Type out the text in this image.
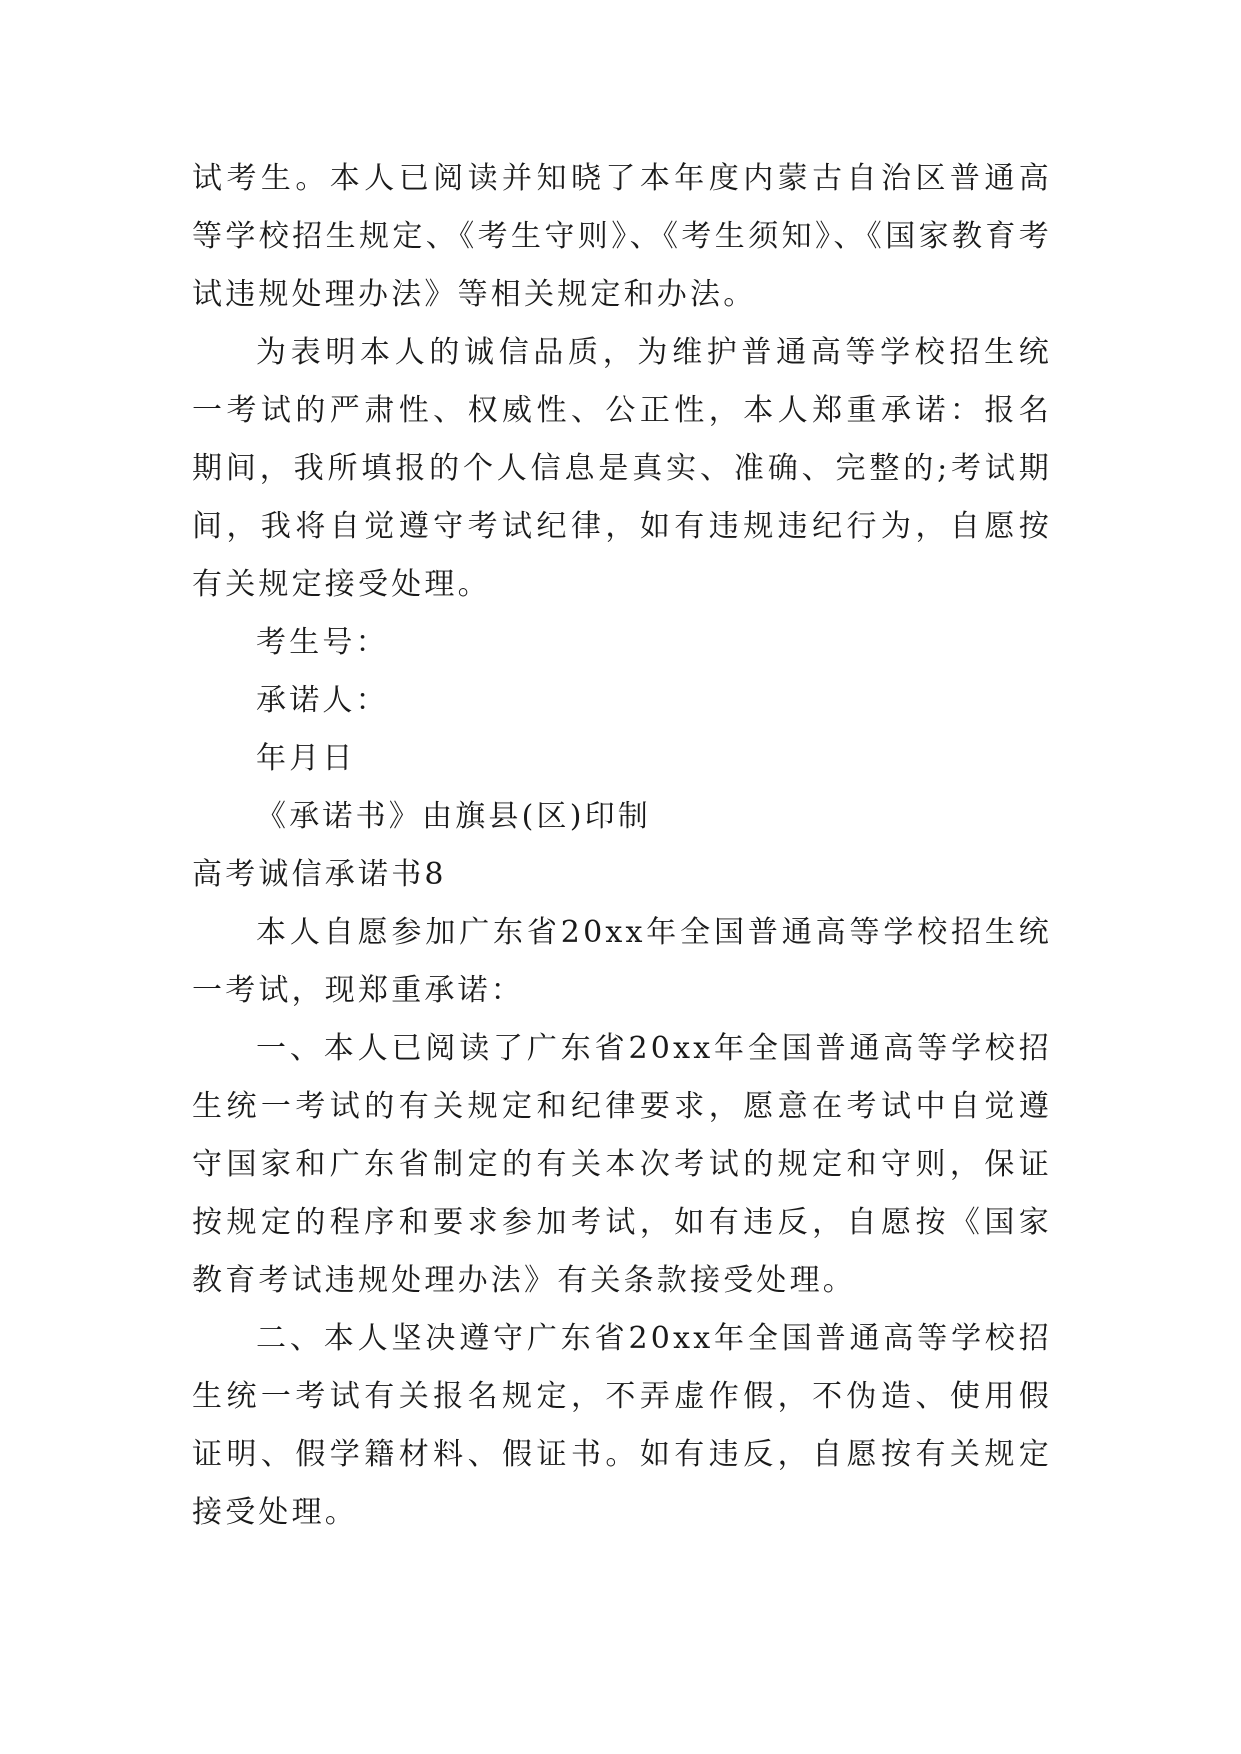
试考生。本人已阅读并知晓了本年度内蒙古自治区普通高等学校招生规定、《考生守则》、《考生须知》、《国家教育考试违规处理办法》等相关规定和办法。

为表明本人的诚信品质，为维护普通高等学校招生统一考试的严肃性、权威性、公正性，本人郑重承诺：报名期间，我所填报的个人信息是真实、准确、完整的;考试期间，我将自觉遵守考试纪律，如有违规违纪行为，自愿按有关规定接受处理。

考生号：

承诺人：

年月日

《承诺书》由旗县(区)印制

高考诚信承诺书8

本人自愿参加广东省20xx年全国普通高等学校招生统一考试，现郑重承诺：

一、本人已阅读了广东省20xx年全国普通高等学校招生统一考试的有关规定和纪律要求，愿意在考试中自觉遵守国家和广东省制定的有关本次考试的规定和守则，保证按规定的程序和要求参加考试，如有违反，自愿按《国家教育考试违规处理办法》有关条款接受处理。

二、本人坚决遵守广东省20xx年全国普通高等学校招生统一考试有关报名规定，不弄虚作假，不伪造、使用假证明、假学籍材料、假证书。如有违反，自愿按有关规定接受处理。
